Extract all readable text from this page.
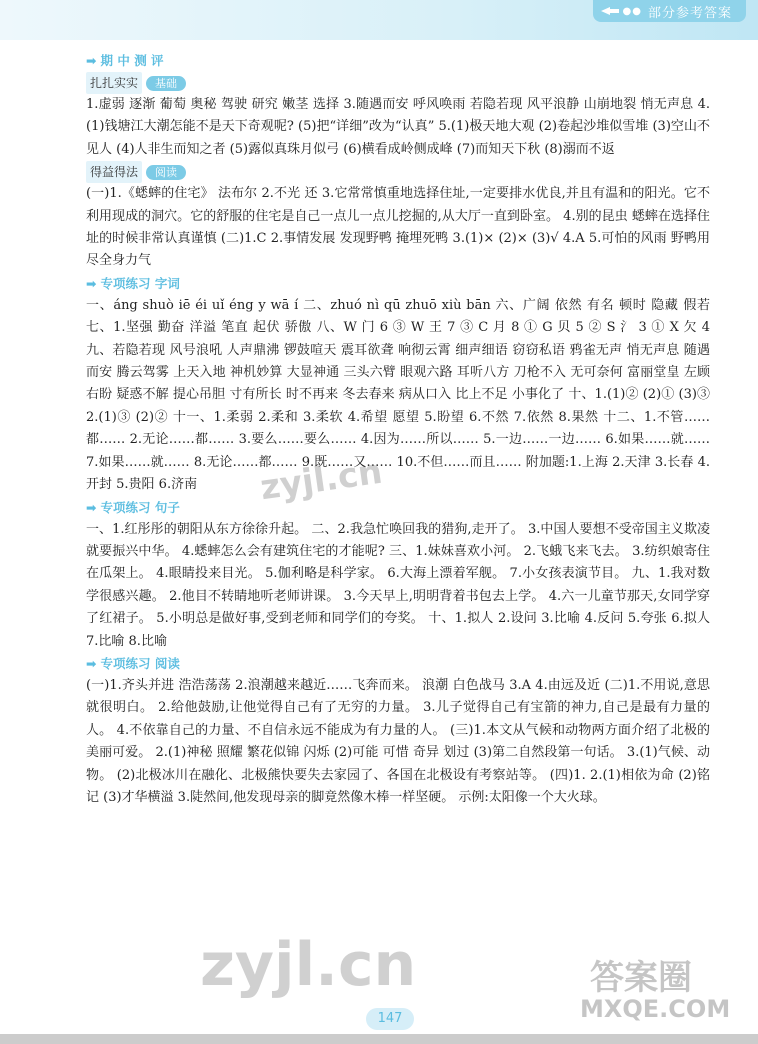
●● 部分参考答案
➡ 期 中 测 评
扎扎实实	基础

1.虚弱 逐渐 葡萄 奥秘 驾驶 研究 嫩茎 选择 3.随遇而安 呼风唤雨 若隐若现 风平浪静 山崩地裂 悄无声息 4.(1)钱塘江大潮怎能不是天下奇观呢? (5)把“详细”改为“认真” 5.(1)极天地大观 (2)卷起沙堆似雪堆 (3)空山不见人 (4)人非生而知之者 (5)露似真珠月似弓 (6)横看成岭侧成峰 (7)而知天下秋 (8)溺而不返

得益得法	阅读

(一)1.《蟋蟀的住宅》 法布尔 2.不光 还 3.它常常慎重地选择住址,一定要排水优良,并且有温和的阳光。它不利用现成的洞穴。它的舒服的住宅是自己一点儿一点儿挖掘的,从大厅一直到卧室。 4.别的昆虫 蟋蟀在选择住址的时候非常认真谨慎 (二)1.C 2.事情发展 发现野鸭 掩埋死鸭 3.(1)× (2)× (3)√ 4.A 5.可怕的风雨 野鸭用尽全身力气

➡ 专项练习 字词

一、áng shuò iē éi uǐ éng y wā í 二、zhuó nì qū zhuō xiù bān 六、广阔 依然 有名 顿时 隐藏 假若 七、1.坚强 勤奋 洋溢 笔直 起伏 骄傲 八、W 门 6 ③ W 王 7 ③ C 月 8 ① G 贝 5 ② S 氵 3 ① X 欠 4 九、若隐若现 风号浪吼 人声鼎沸 锣鼓喧天 震耳欲聋 响彻云霄 细声细语 窃窃私语 鸦雀无声 悄无声息 随遇而安 腾云驾雾 上天入地 神机妙算 大显神通 三头六臂 眼观六路 耳听八方 刀枪不入 无可奈何 富丽堂皇 左顾右盼 疑惑不解 提心吊胆 寸有所长 时不再来 冬去春来 病从口入 比上不足 小事化了 十、1.(1)② (2)① (3)③ 2.(1)③ (2)② 十一、1.柔弱 2.柔和 3.柔软 4.希望 愿望 5.盼望 6.不然 7.依然 8.果然 十二、1.不管……都…… 2.无论……都…… 3.要么……要么…… 4.因为……所以…… 5.一边……一边…… 6.如果……就…… 7.如果……就…… 8.无论……都…… 9.既……又…… 10.不但……而且…… 附加题:1.上海 2.天津 3.长春 4.开封 5.贵阳 6.济南

➡ 专项练习 句子

一、1.红彤彤的朝阳从东方徐徐升起。 二、2.我急忙唤回我的猎狗,走开了。 3.中国人要想不受帝国主义欺凌就要振兴中华。 4.蟋蟀怎么会有建筑住宅的才能呢? 三、1.妹妹喜欢小河。 2.飞蛾飞来飞去。 3.纺织娘寄住在瓜架上。 4.眼睛投来目光。 5.伽利略是科学家。 6.大海上漂着军舰。 7.小女孩表演节目。 九、1.我对数学很感兴趣。 2.他目不转睛地听老师讲课。 3.今天早上,明明背着书包去上学。 4.六一儿童节那天,女同学穿了红裙子。 5.小明总是做好事,受到老师和同学们的夸奖。 十、1.拟人 2.设问 3.比喻 4.反问 5.夸张 6.拟人 7.比喻 8.比喻

➡ 专项练习 阅读

(一)1.齐头并进 浩浩荡荡 2.浪潮越来越近……飞奔而来。 浪潮 白色战马 3.A 4.由远及近 (二)1.不用说,意思就很明白。 2.给他鼓励,让他觉得自己有了无穷的力量。 3.儿子觉得自己有宝箭的神力,自己是最有力量的人。 4.不依靠自己的力量、不自信永远不能成为有力量的人。 (三)1.本文从气候和动物两方面介绍了北极的美丽可爱。 2.(1)神秘 照耀 繁花似锦 闪烁 (2)可能 可惜 奇异 划过 (3)第二自然段第一句话。 3.(1)气候、动物。 (2)北极冰川在融化、北极熊快要失去家园了、各国在北极设有考察站等。 (四)1. 2.(1)相依为命 (2)铭记 (3)才华横溢 3.陡然间,他发现母亲的脚竟然像木棒一样坚硬。 示例:太阳像一个大火球。

zyjl.cn
zyjl.cn	答案圈
MXQE.COM
147
